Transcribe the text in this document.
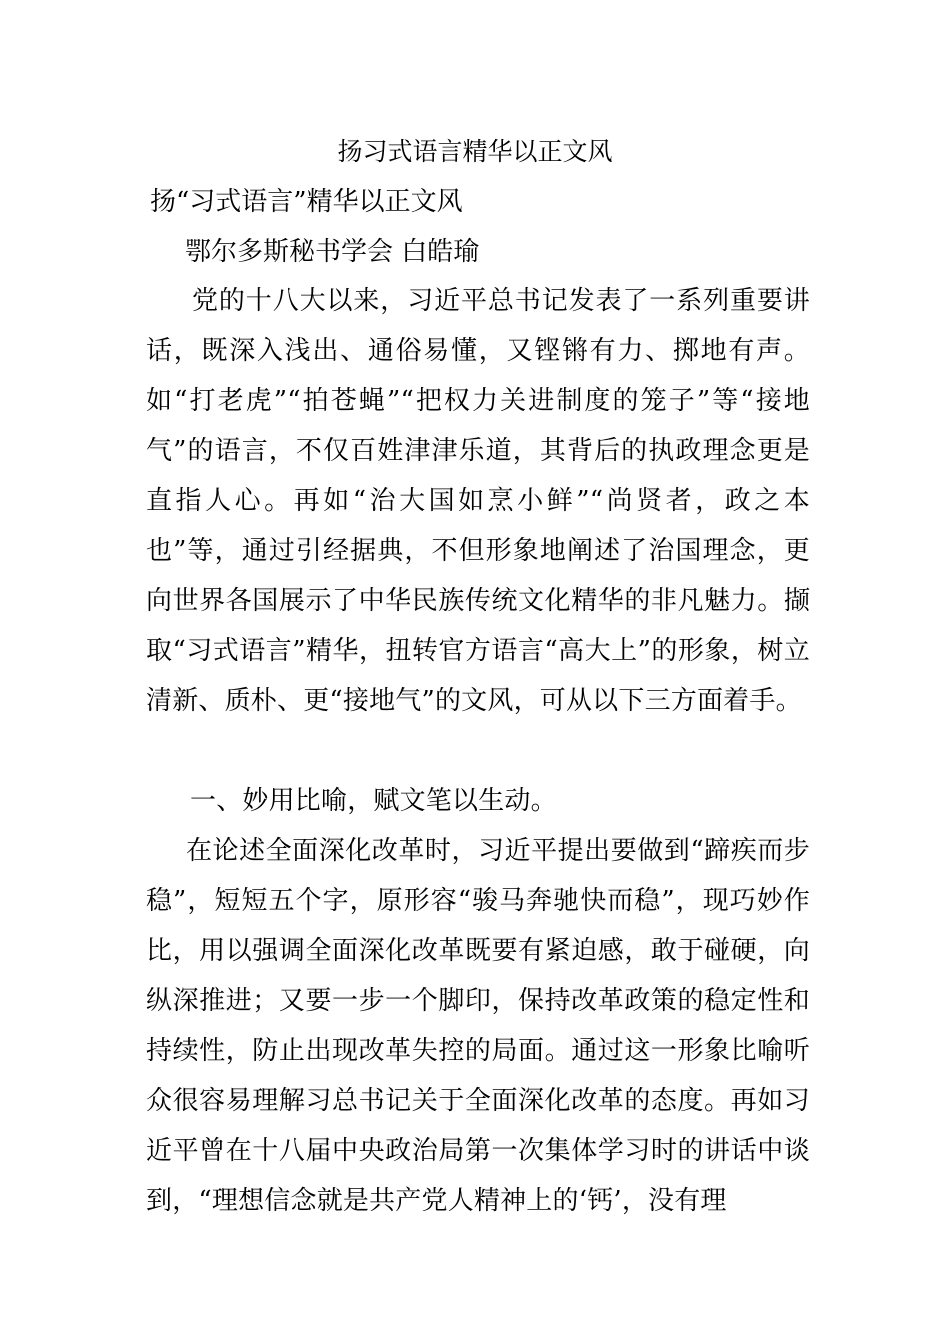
扬习式语言精华以正文风
扬“习式语言”精华以正文风
鄂尔多斯秘书学会 白皓瑜
党的十八大以来，习近平总书记发表了一系列重要讲话，既深入浅出、通俗易懂，又铿锵有力、掷地有声。如“打老虎”“拍苍蝇”“把权力关进制度的笼子”等“接地气”的语言，不仅百姓津津乐道，其背后的执政理念更是直指人心。再如“治大国如烹小鲜”“尚贤者，政之本也”等，通过引经据典，不但形象地阐述了治国理念，更向世界各国展示了中华民族传统文化精华的非凡魅力。撷取“习式语言”精华，扭转官方语言“高大上”的形象，树立清新、质朴、更“接地气”的文风，可从以下三方面着手。
一、妙用比喻，赋文笔以生动。
在论述全面深化改革时，习近平提出要做到“蹄疾而步稳”，短短五个字，原形容“骏马奔驰快而稳”，现巧妙作比，用以强调全面深化改革既要有紧迫感，敢于碰硬，向纵深推进；又要一步一个脚印，保持改革政策的稳定性和持续性，防止出现改革失控的局面。通过这一形象比喻听众很容易理解习总书记关于全面深化改革的态度。再如习近平曾在十八届中央政治局第一次集体学习时的讲话中谈到，“理想信念就是共产党人精神上的‘钙’，没有理
